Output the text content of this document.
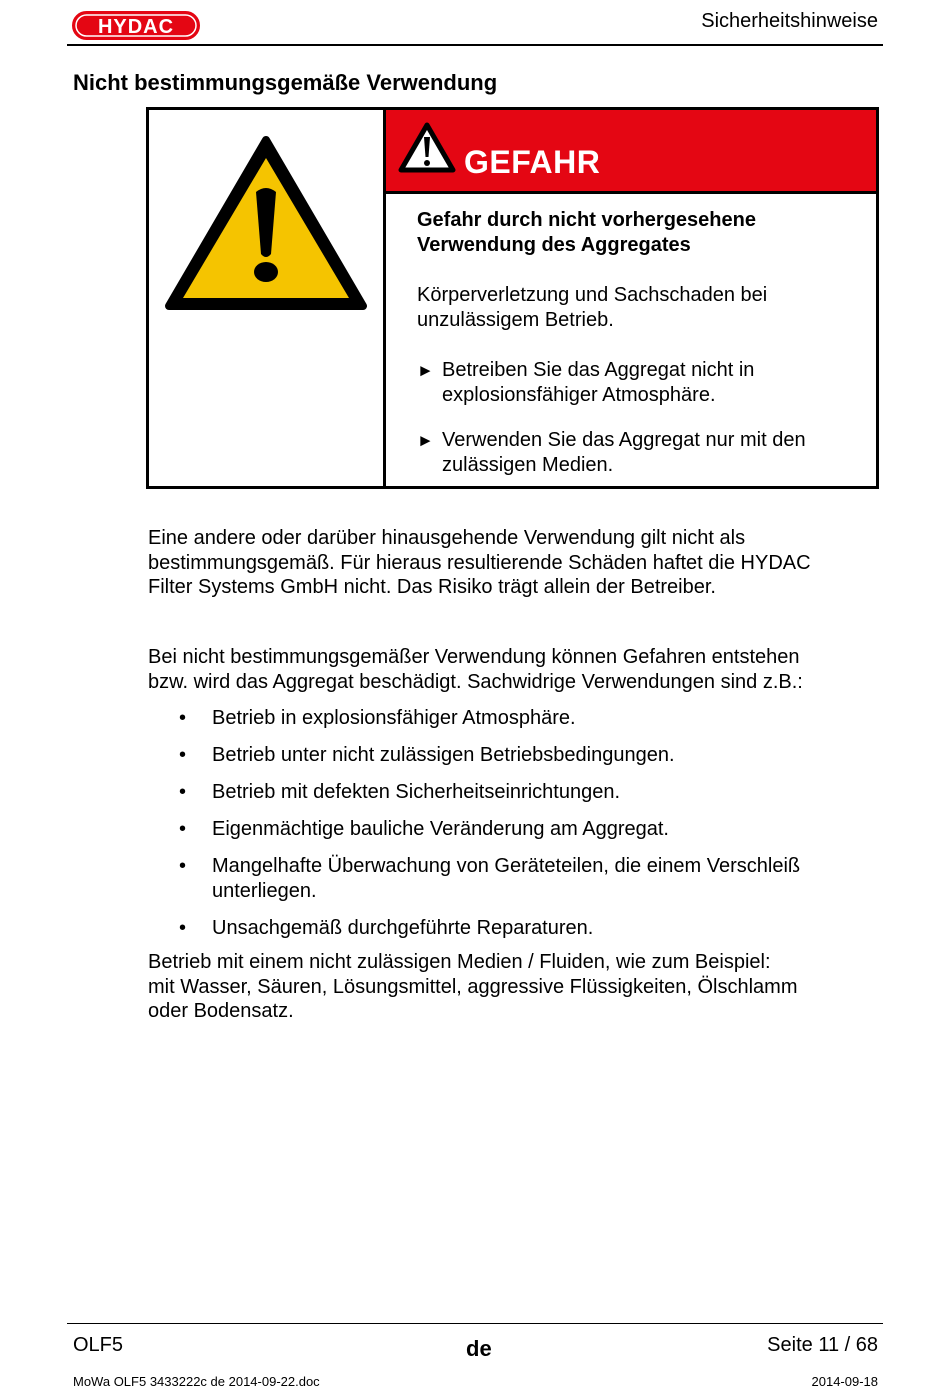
HYDAC	Sicherheitshinweise
Nicht bestimmungsgemäße Verwendung
GEFAHR
Gefahr durch nicht vorhergesehene
Verwendung des Aggregates
Körperverletzung und Sachschaden bei
unzulässigem Betrieb.
► Betreiben Sie das Aggregat nicht in
explosionsfähiger Atmosphäre.
► Verwenden Sie das Aggregat nur mit den
zulässigen Medien.
Eine andere oder darüber hinausgehende Verwendung gilt nicht als
bestimmungsgemäß. Für hieraus resultierende Schäden haftet die HYDAC
Filter Systems GmbH nicht. Das Risiko trägt allein der Betreiber.
Bei nicht bestimmungsgemäßer Verwendung können Gefahren entstehen
bzw. wird das Aggregat beschädigt. Sachwidrige Verwendungen sind z.B.:
• Betrieb in explosionsfähiger Atmosphäre.
• Betrieb unter nicht zulässigen Betriebsbedingungen.
• Betrieb mit defekten Sicherheitseinrichtungen.
• Eigenmächtige bauliche Veränderung am Aggregat.
• Mangelhafte Überwachung von Geräteteilen, die einem Verschleiß
unterliegen.
• Unsachgemäß durchgeführte Reparaturen.
Betrieb mit einem nicht zulässigen Medien / Fluiden, wie zum Beispiel:
mit Wasser, Säuren, Lösungsmittel, aggressive Flüssigkeiten, Ölschlamm
oder Bodensatz.
OLF5	de	Seite 11 / 68
MoWa OLF5 3433222c de 2014-09-22.doc	2014-09-18
